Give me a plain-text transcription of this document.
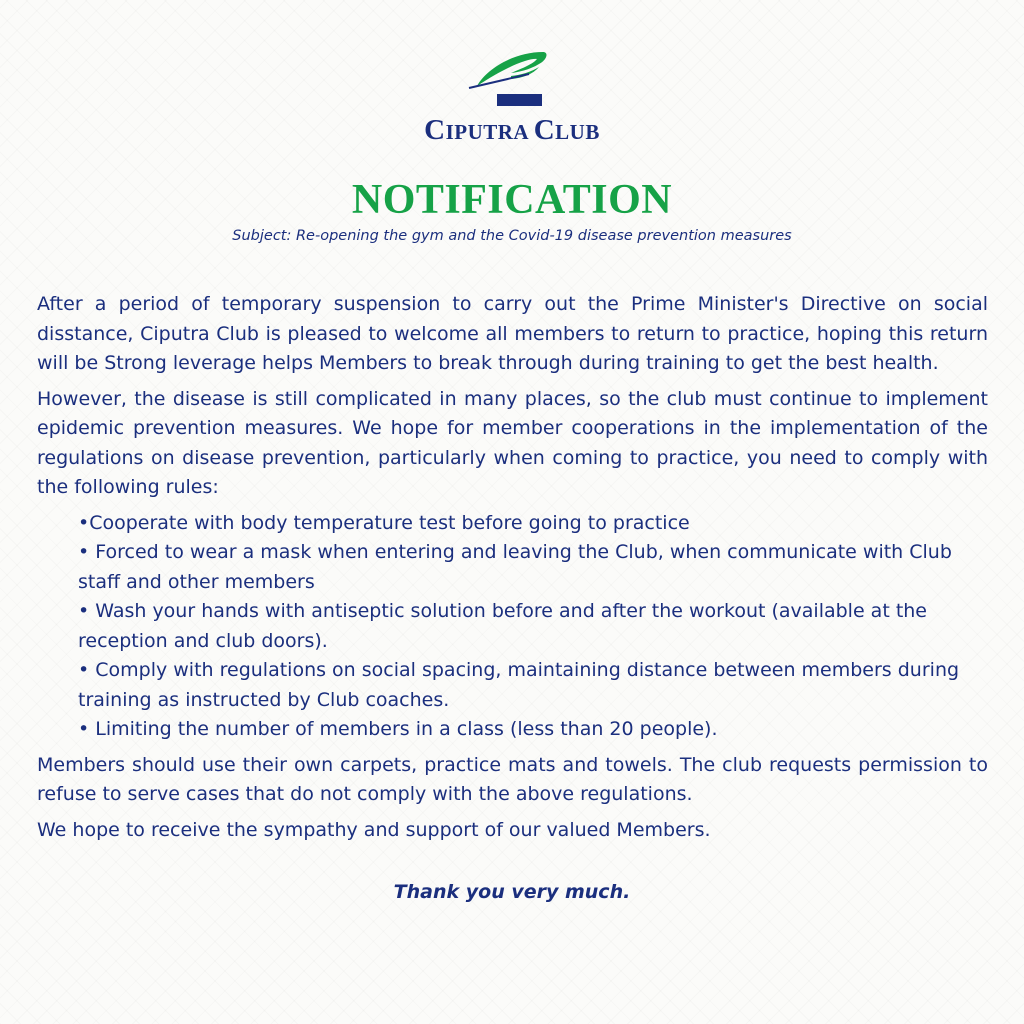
CIPUTRA CLUB
NOTIFICATION
Subject: Re-opening the gym and the Covid-19 disease prevention measures

After a period of temporary suspension to carry out the Prime Minister's Directive on social disstance, Ciputra Club is pleased to welcome all members to return to practice, hoping this return will be Strong leverage helps Members to break through during training to get the best health.

However, the disease is still complicated in many places, so the club must continue to implement epidemic prevention measures. We hope for member cooperations in the implementation of the regulations on disease prevention, particularly when coming to practice, you need to comply with the following rules:

•Cooperate with body temperature test before going to practice
• Forced to wear a mask when entering and leaving the Club, when communicate with Club staff and other members
• Wash your hands with antiseptic solution before and after the workout (available at the reception and club doors).
• Comply with regulations on social spacing, maintaining distance between members during training as instructed by Club coaches.
• Limiting the number of members in a class (less than 20 people).

Members should use their own carpets, practice mats and towels. The club requests permission to refuse to serve cases that do not comply with the above regulations.

We hope to receive the sympathy and support of our valued Members.

Thank you very much.
